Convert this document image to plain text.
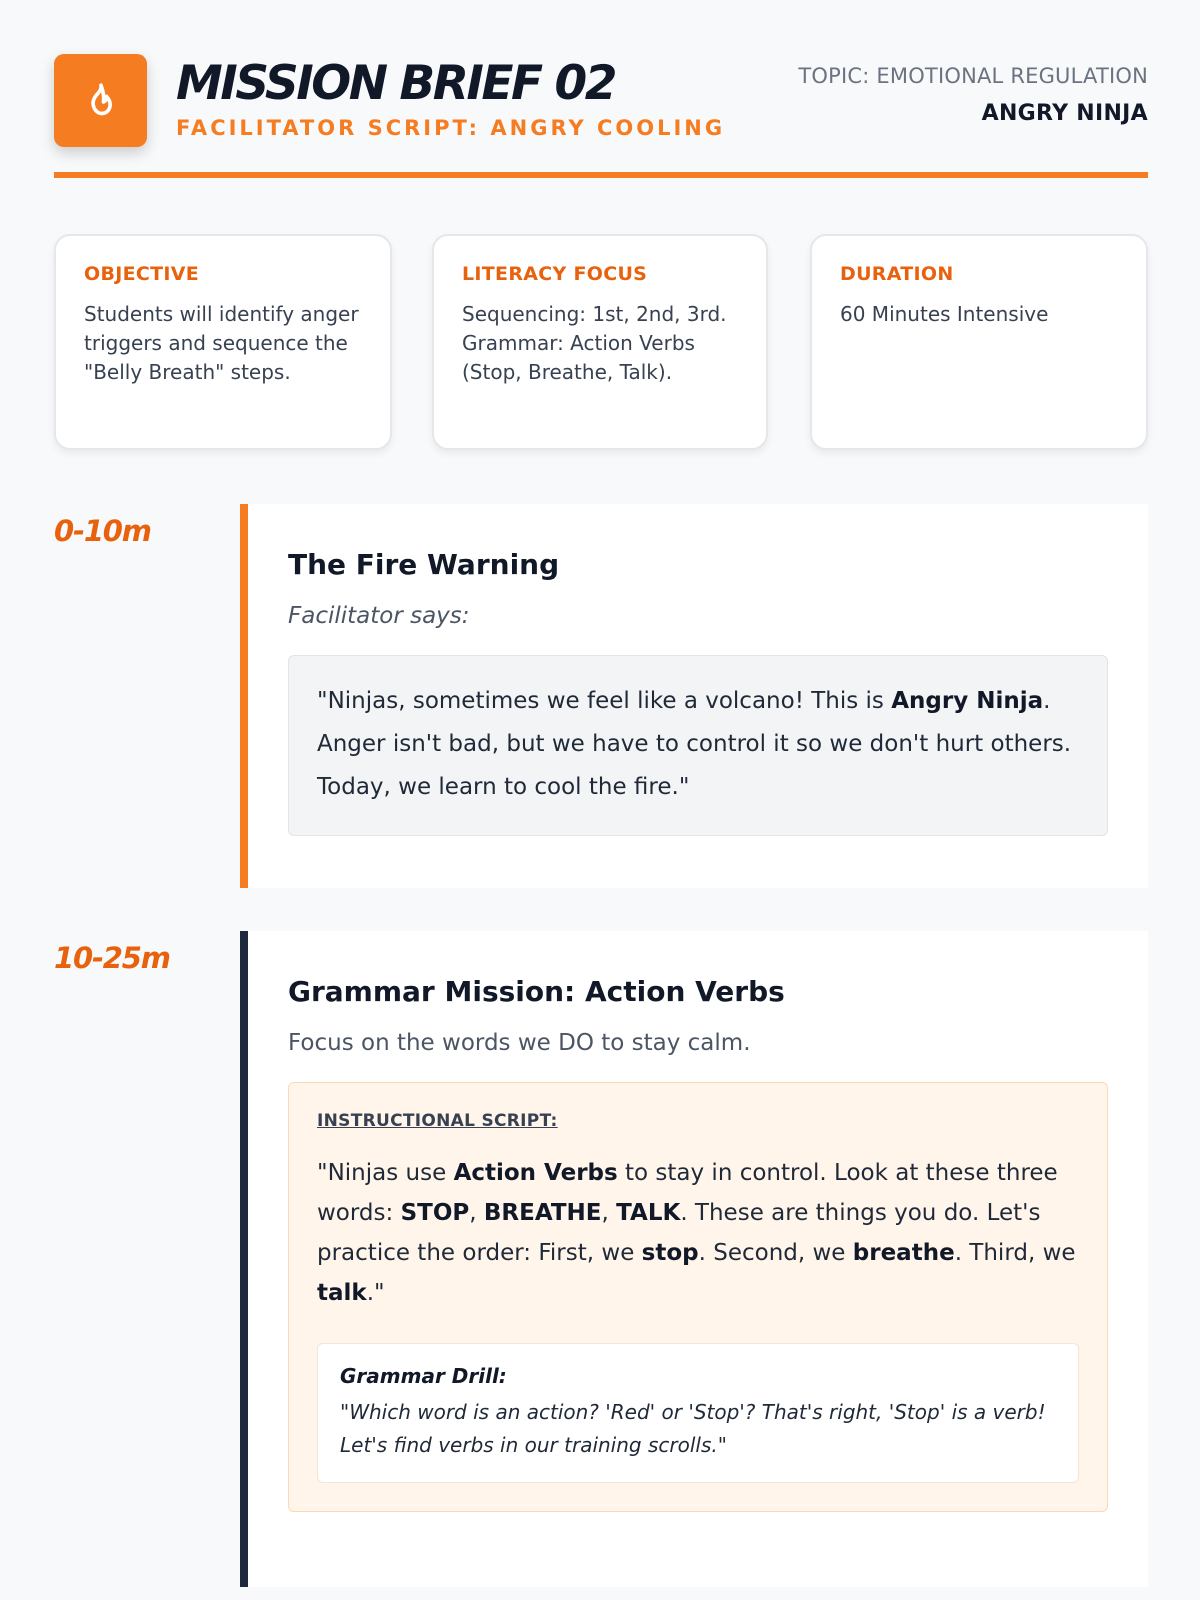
MISSION BRIEF 02
FACILITATOR SCRIPT: ANGRY COOLING
TOPIC: EMOTIONAL REGULATION
ANGRY NINJA
OBJECTIVE
Students will identify anger triggers and sequence the "Belly Breath" steps.
LITERACY FOCUS
Sequencing: 1st, 2nd, 3rd. Grammar: Action Verbs (Stop, Breathe, Talk).
DURATION
60 Minutes Intensive
0-10m
The Fire Warning
Facilitator says:
"Ninjas, sometimes we feel like a volcano! This is Angry Ninja. Anger isn't bad, but we have to control it so we don't hurt others. Today, we learn to cool the fire."
10-25m
Grammar Mission: Action Verbs
Focus on the words we DO to stay calm.
INSTRUCTIONAL SCRIPT:
"Ninjas use Action Verbs to stay in control. Look at these three words: STOP, BREATHE, TALK. These are things you do. Let's practice the order: First, we stop. Second, we breathe. Third, we talk."
Grammar Drill:
"Which word is an action? 'Red' or 'Stop'? That's right, 'Stop' is a verb! Let's find verbs in our training scrolls."
